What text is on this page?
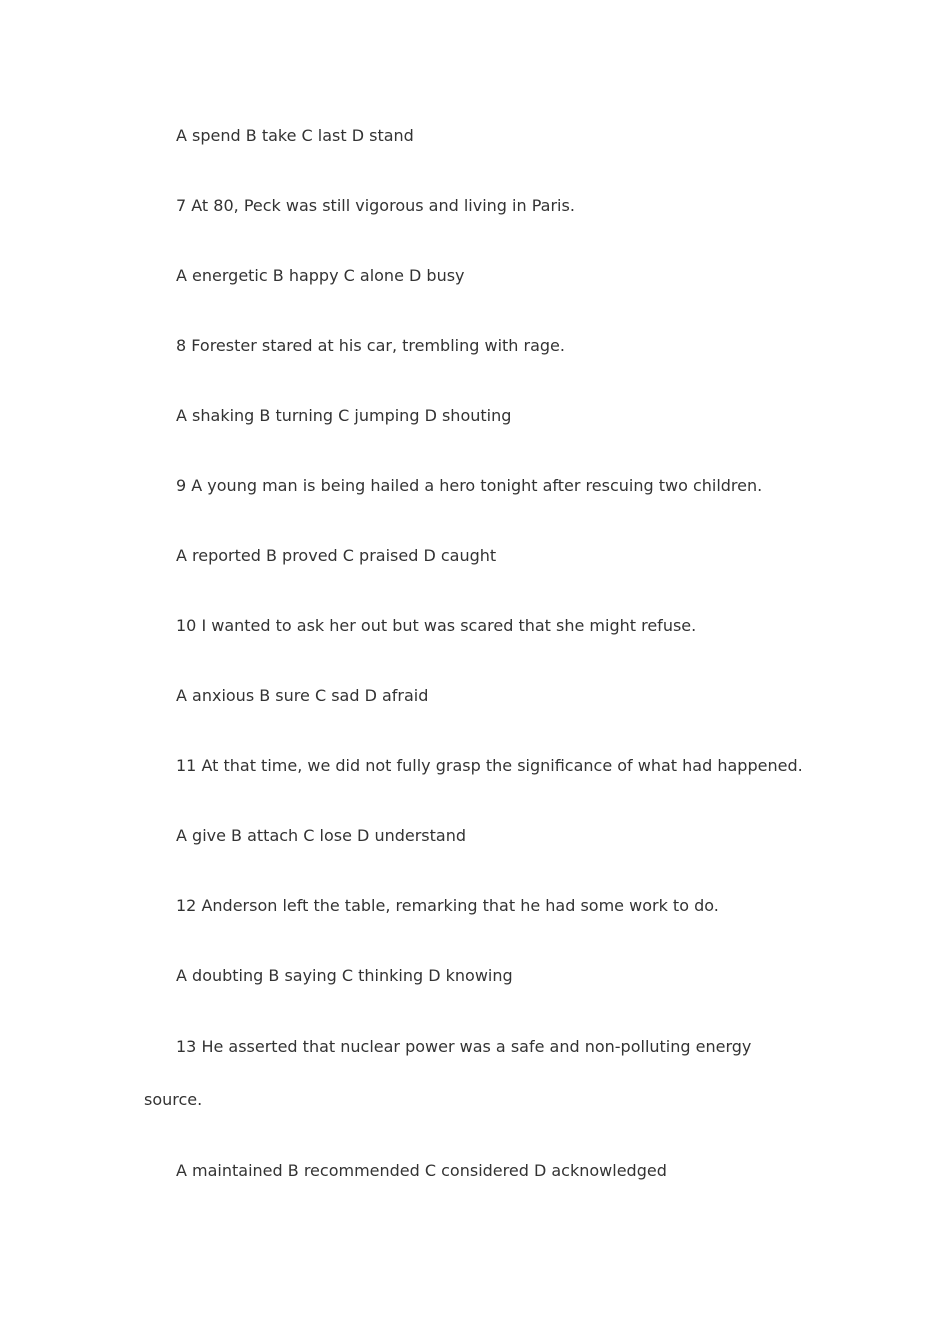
A spend B take C last D stand

7 At 80, Peck was still vigorous and living in Paris.

A energetic B happy C alone D busy

8 Forester stared at his car, trembling with rage.

A shaking B turning C jumping D shouting

9 A young man is being hailed a hero tonight after rescuing two children.

A reported B proved C praised D caught

10 I wanted to ask her out but was scared that she might refuse.

A anxious B sure C sad D afraid

11 At that time, we did not fully grasp the significance of what had happened.

A give B attach C lose D understand

12 Anderson left the table, remarking that he had some work to do.

A doubting B saying C thinking D knowing

13 He asserted that nuclear power was a safe and non-polluting energy source.

A maintained B recommended C considered D acknowledged
